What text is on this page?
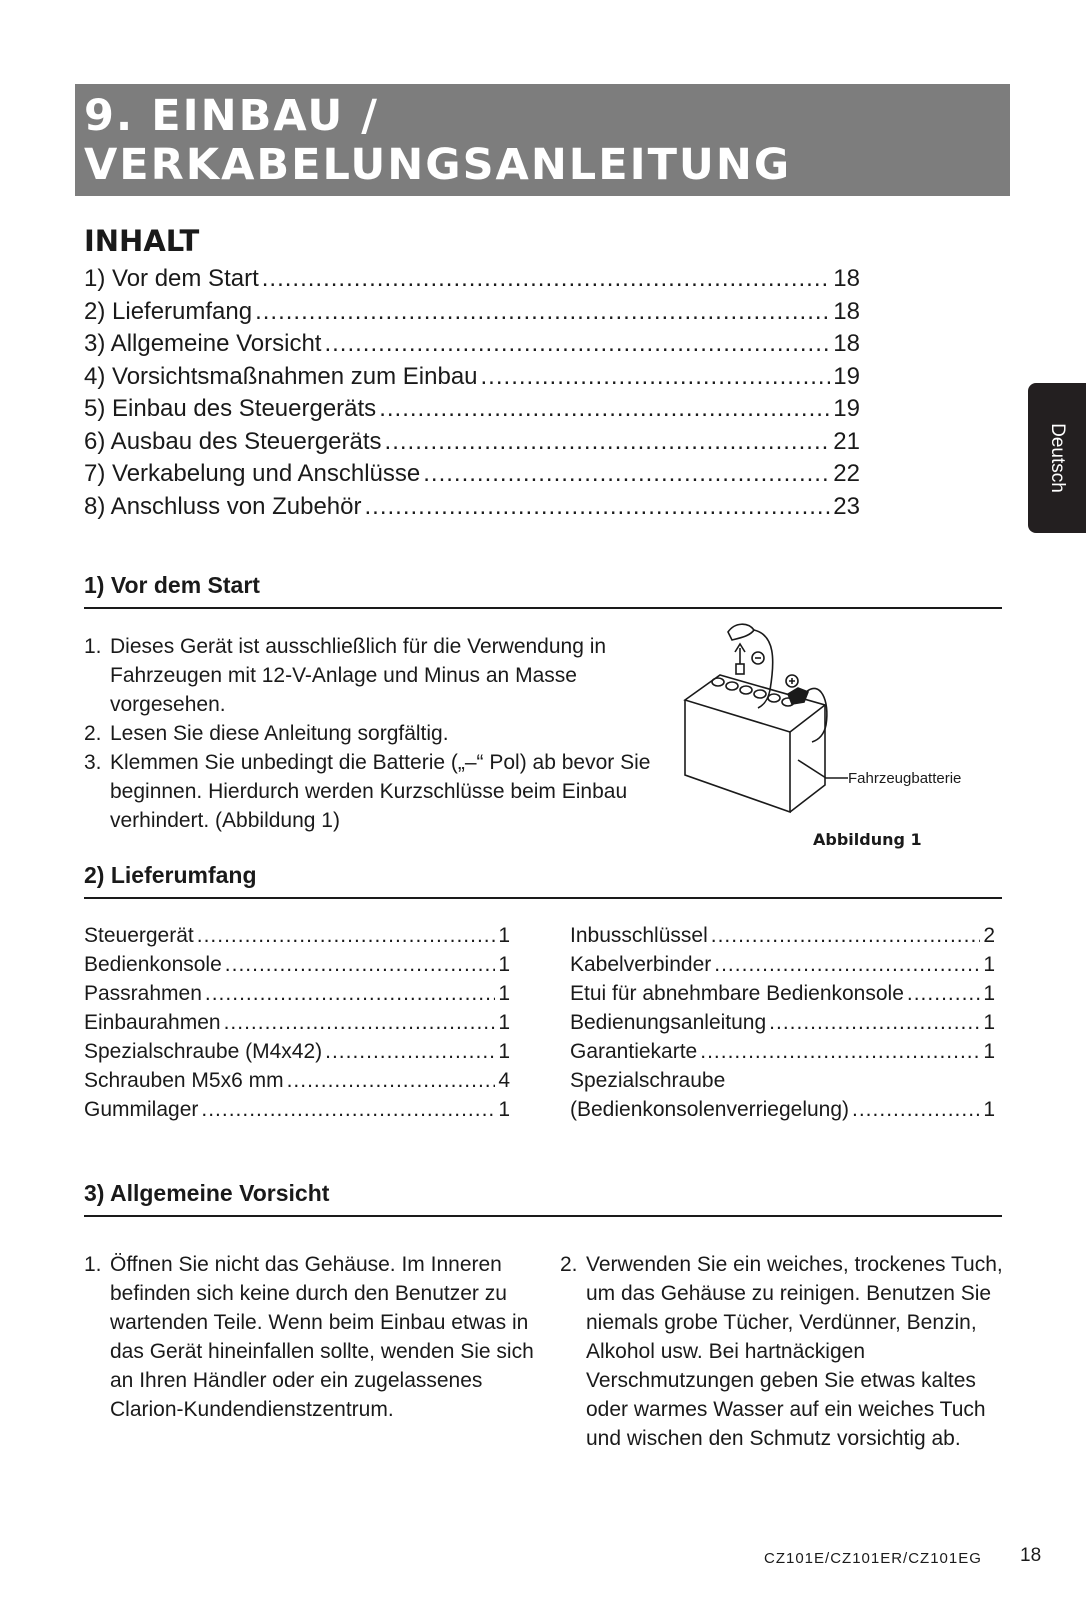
9. EINBAU /
VERKABELUNGSANLEITUNG
Deutsch
INHALT
1) Vor dem Start .....	18
2) Lieferumfang .....	18
3) Allgemeine Vorsicht .....	18
4) Vorsichtsmaßnahmen zum Einbau .....	19
5) Einbau des Steuergeräts .....	19
6) Ausbau des Steuergeräts .....	21
7) Verkabelung und Anschlüsse .....	22
8) Anschluss von Zubehör .....	23
1) Vor dem Start
1. Dieses Gerät ist ausschließlich für die Verwendung in Fahrzeugen mit 12-V-Anlage und Minus an Masse vorgesehen.
2. Lesen Sie diese Anleitung sorgfältig.
3. Klemmen Sie unbedingt die Batterie („–“ Pol) ab bevor Sie beginnen. Hierdurch werden Kurzschlüsse beim Einbau verhindert. (Abbildung 1)
Fahrzeugbatterie
Abbildung 1
2) Lieferumfang
Steuergerät .....	1
Bedienkonsole .....	1
Passrahmen .....	1
Einbaurahmen .....	1
Spezialschraube (M4x42) .....	1
Schrauben M5x6 mm .....	4
Gummilager .....	1
Inbusschlüssel .....	2
Kabelverbinder .....	1
Etui für abnehmbare Bedienkonsole .....	1
Bedienungsanleitung .....	1
Garantiekarte .....	1
Spezialschraube
(Bedienkonsolenverriegelung) .....	1
3) Allgemeine Vorsicht
1. Öffnen Sie nicht das Gehäuse. Im Inneren befinden sich keine durch den Benutzer zu wartenden Teile. Wenn beim Einbau etwas in das Gerät hineinfallen sollte, wenden Sie sich an Ihren Händler oder ein zugelassenes Clarion-Kundendienstzentrum.
2. Verwenden Sie ein weiches, trockenes Tuch, um das Gehäuse zu reinigen. Benutzen Sie niemals grobe Tücher, Verdünner, Benzin, Alkohol usw. Bei hartnäckigen Verschmutzungen geben Sie etwas kaltes oder warmes Wasser auf ein weiches Tuch und wischen den Schmutz vorsichtig ab.
CZ101E/CZ101ER/CZ101EG 18
